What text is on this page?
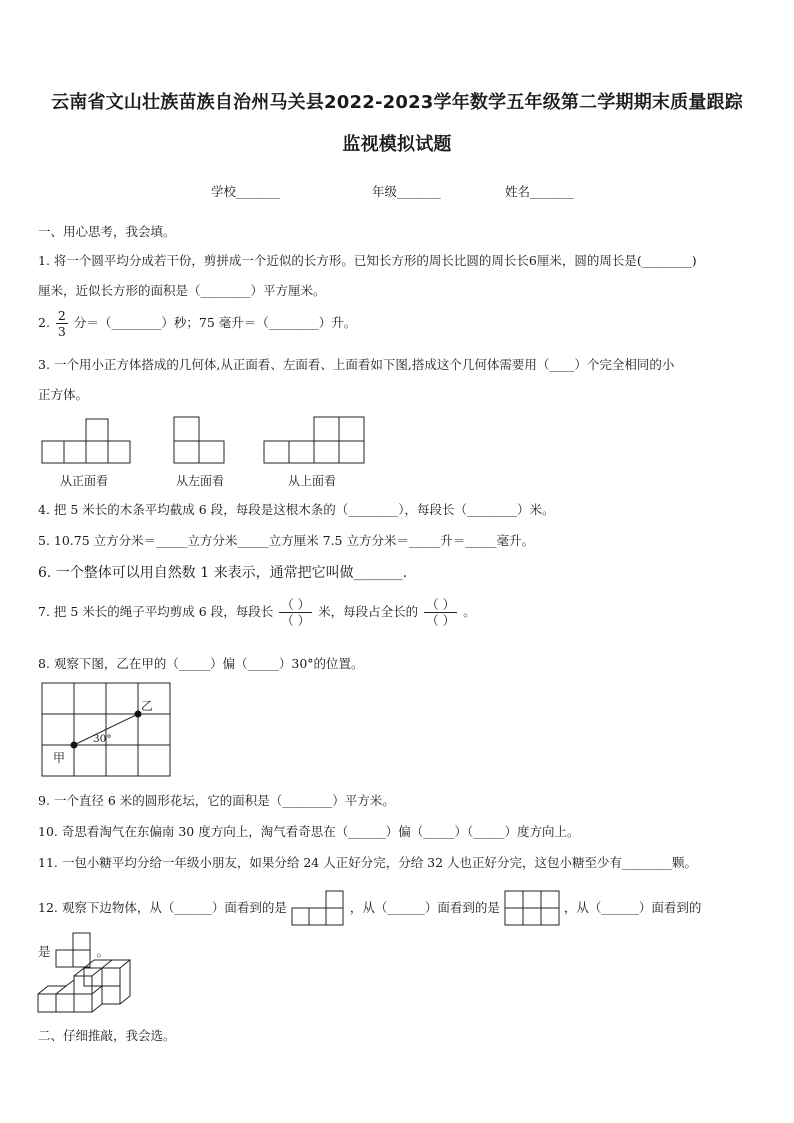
云南省文山壮族苗族自治州马关县2022-2023学年数学五年级第二学期期末质量跟踪
监视模拟试题
学校_______	年级_______	姓名_______
一、用心思考，我会填。
1. 将一个圆平均分成若干份，剪拼成一个近似的长方形。已知长方形的周长比圆的周长长6厘米，圆的周长是(________)
厘米，近似长方形的面积是（________）平方厘米。
2. $\frac{2}{3}$ 分＝（________）秒；75 毫升＝（________）升。
3. 一个用小正方体搭成的几何体,从正面看、左面看、上面看如下图,搭成这个几何体需要用（____）个完全相同的小
正方体。
从正面看	从左面看	从上面看
4. 把 5 米长的木条平均截成 6 段，每段是这根木条的（________），每段长（________）米。
5. 10.75 立方分米＝_____立方分米_____立方厘米 7.5 立方分米＝_____升＝_____毫升。
6. 一个整体可以用自然数 1 来表示，通常把它叫做_______.
7. 把 5 米长的绳子平均剪成 6 段，每段长 $\frac{( )}{( )}$ 米，每段占全长的 $\frac{( )}{( )}$ 。
8. 观察下图，乙在甲的（_____）偏（_____）30°的位置。
甲
乙
30°
9. 一个直径 6 米的圆形花坛，它的面积是（________）平方米。
10. 奇思看淘气在东偏南 30 度方向上，淘气看奇思在（______）偏（_____）（_____）度方向上。
11. 一包小糖平均分给一年级小朋友，如果分给 24 人正好分完，分给 32 人也正好分完，这包小糖至少有________颗。
12. 观察下边物体，从（______）面看到的是	，从（______）面看到的是	，从（______）面看到的
是	。
二、仔细推敲，我会选。
